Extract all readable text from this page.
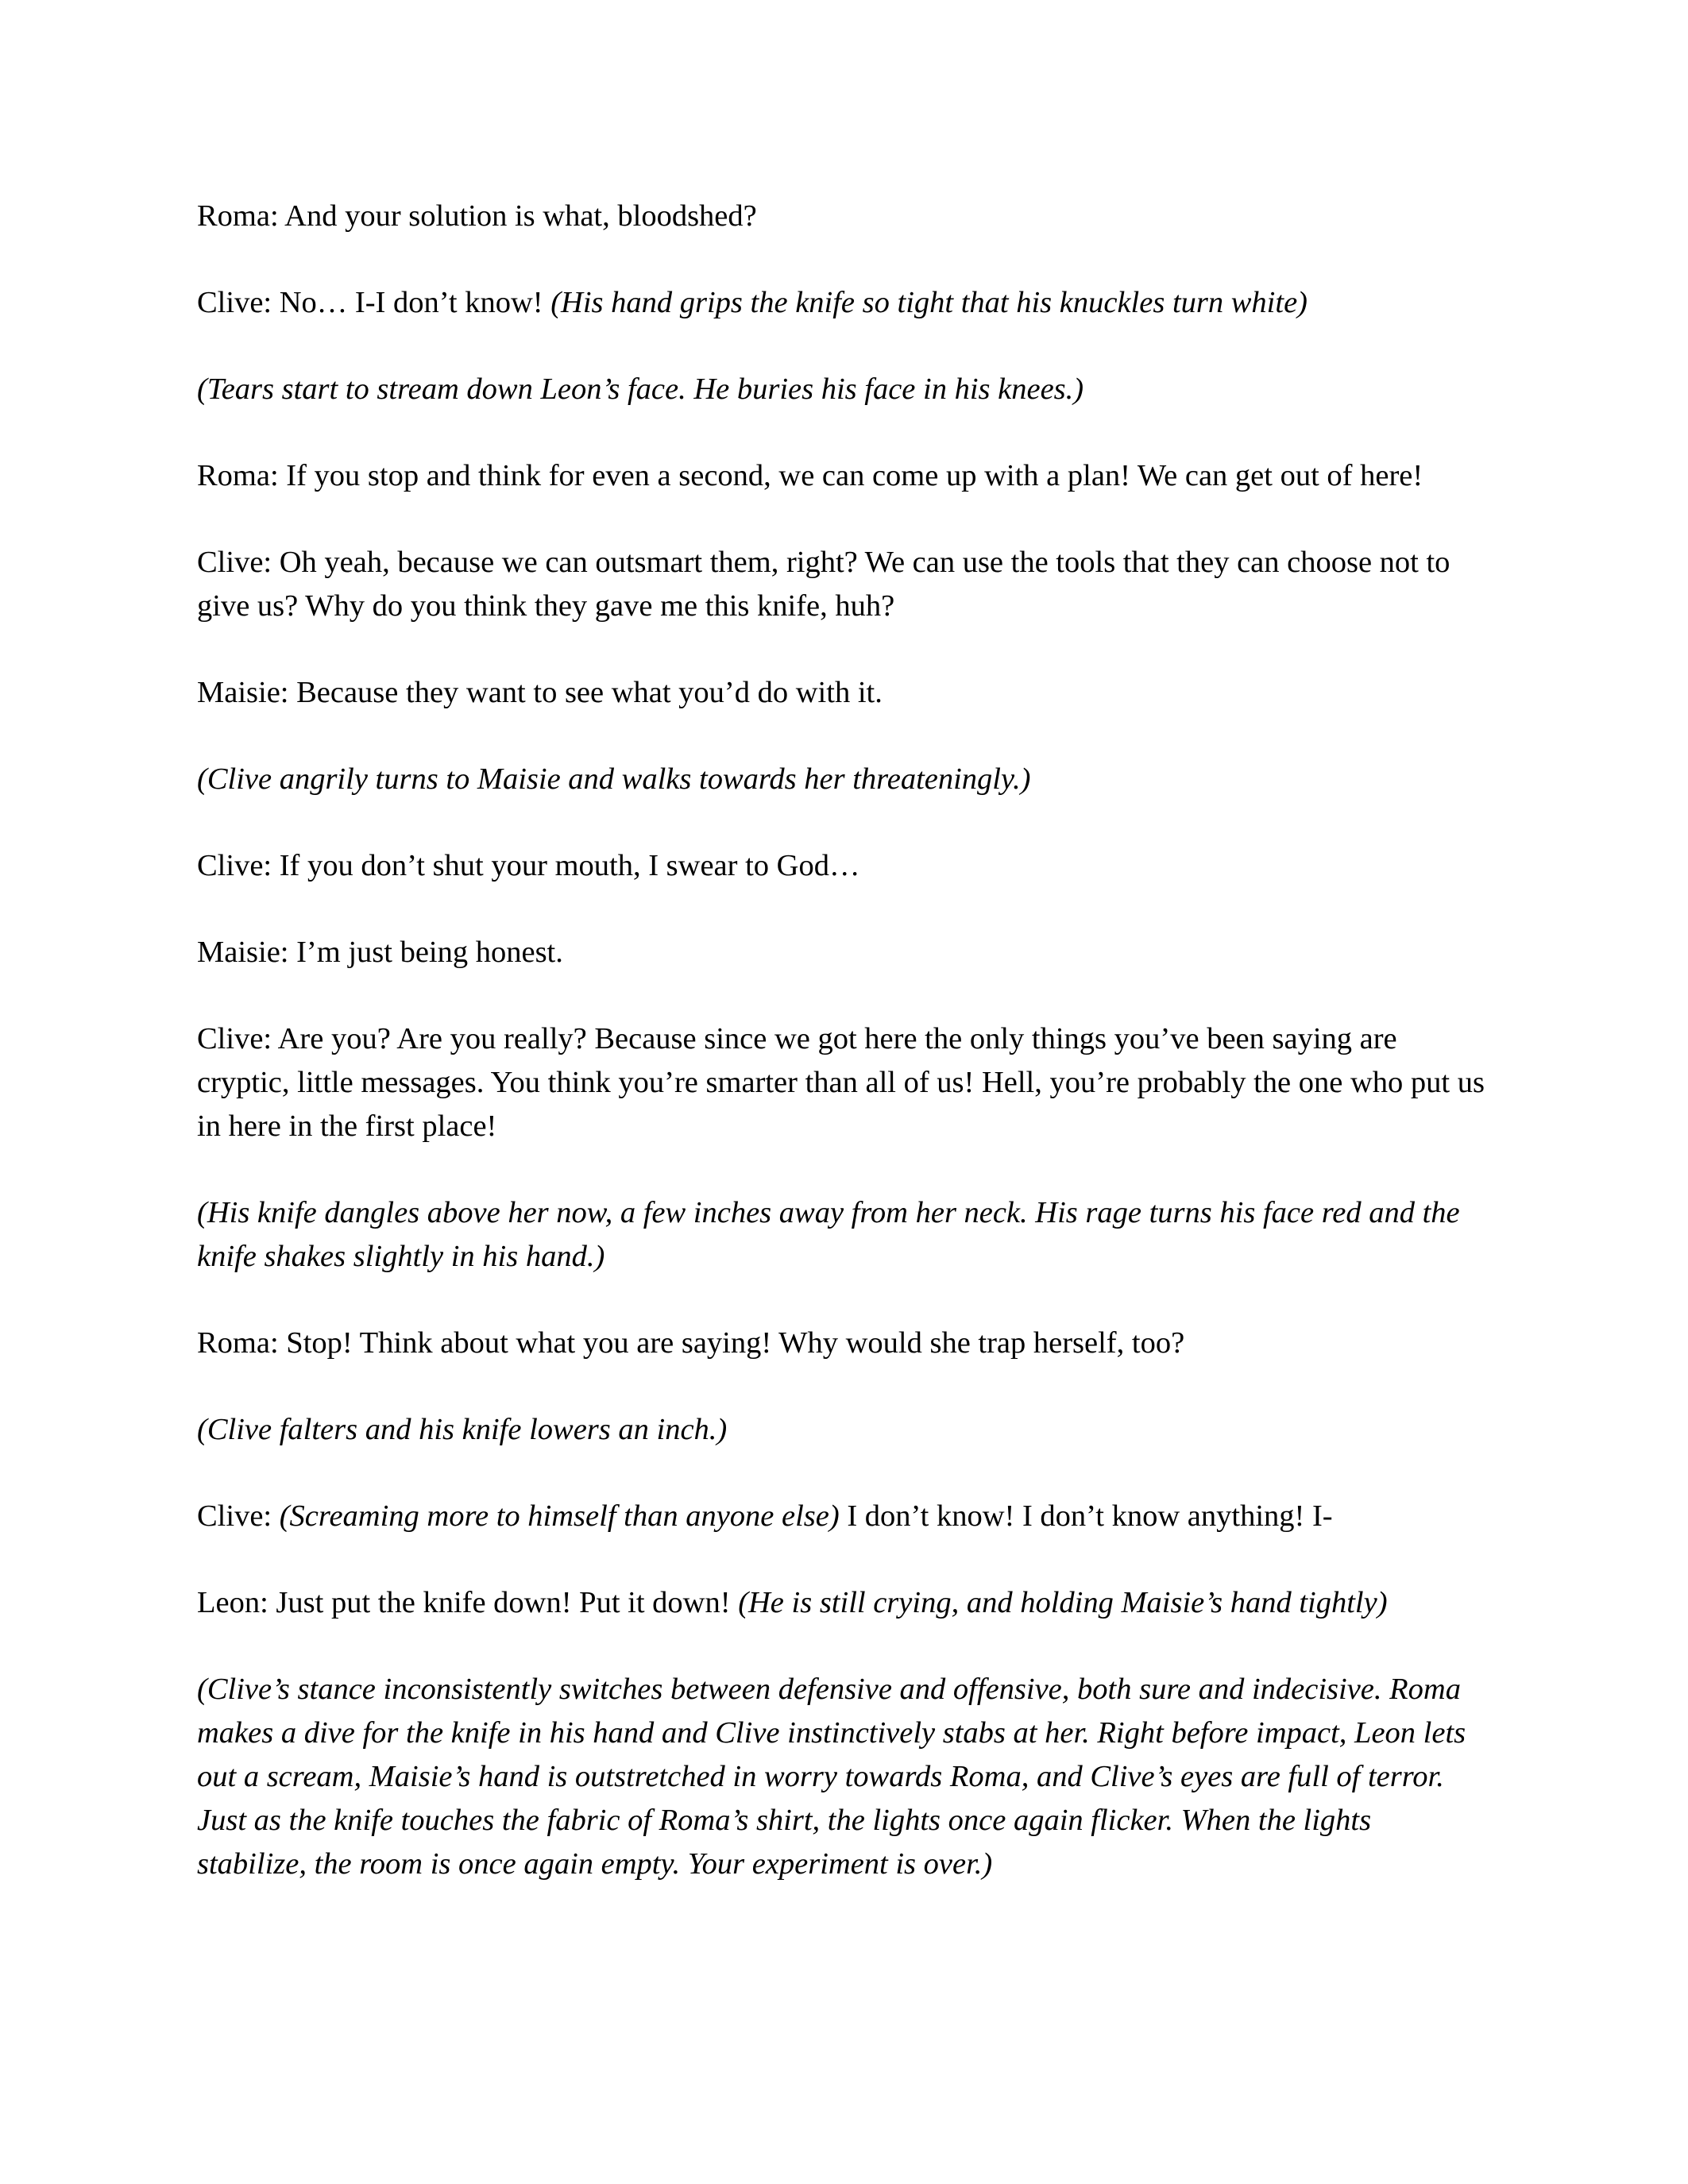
Roma: And your solution is what, bloodshed?

Clive: No… I-I don’t know! (His hand grips the knife so tight that his knuckles turn white)

(Tears start to stream down Leon’s face. He buries his face in his knees.)

Roma: If you stop and think for even a second, we can come up with a plan! We can get out of here!

Clive: Oh yeah, because we can outsmart them, right? We can use the tools that they can choose not to give us? Why do you think they gave me this knife, huh?

Maisie: Because they want to see what you’d do with it.

(Clive angrily turns to Maisie and walks towards her threateningly.)

Clive: If you don’t shut your mouth, I swear to God…

Maisie: I’m just being honest.

Clive: Are you? Are you really? Because since we got here the only things you’ve been saying are cryptic, little messages. You think you’re smarter than all of us! Hell, you’re probably the one who put us in here in the first place!

(His knife dangles above her now, a few inches away from her neck. His rage turns his face red and the knife shakes slightly in his hand.)

Roma: Stop! Think about what you are saying! Why would she trap herself, too?

(Clive falters and his knife lowers an inch.)

Clive: (Screaming more to himself than anyone else) I don’t know! I don’t know anything! I-

Leon: Just put the knife down! Put it down! (He is still crying, and holding Maisie’s hand tightly)

(Clive’s stance inconsistently switches between defensive and offensive, both sure and indecisive. Roma makes a dive for the knife in his hand and Clive instinctively stabs at her. Right before impact, Leon lets out a scream, Maisie’s hand is outstretched in worry towards Roma, and Clive’s eyes are full of terror. Just as the knife touches the fabric of Roma’s shirt, the lights once again flicker. When the lights stabilize, the room is once again empty. Your experiment is over.)
